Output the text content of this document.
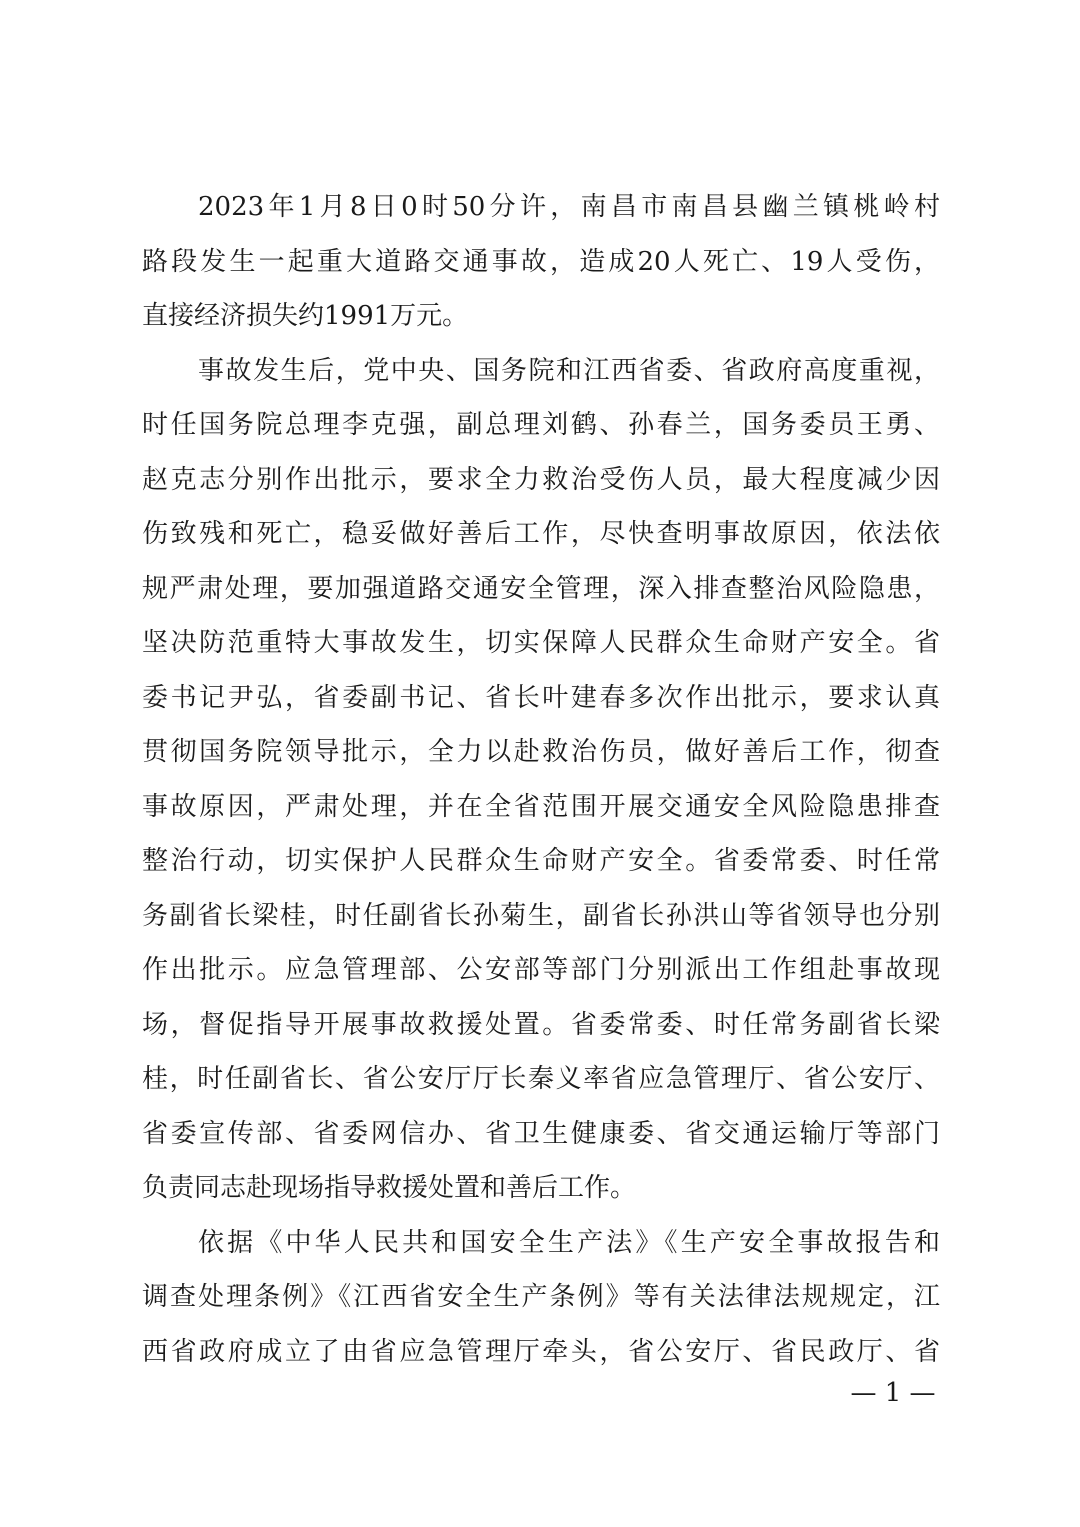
2023年1月8日0时50分许，南昌市南昌县幽兰镇桃岭村
路段发生一起重大道路交通事故，造成20人死亡、19人受伤，
直接经济损失约1991万元。
事故发生后，党中央、国务院和江西省委、省政府高度重视，
时任国务院总理李克强，副总理刘鹤、孙春兰，国务委员王勇、
赵克志分别作出批示，要求全力救治受伤人员，最大程度减少因
伤致残和死亡，稳妥做好善后工作，尽快查明事故原因，依法依
规严肃处理，要加强道路交通安全管理，深入排查整治风险隐患，
坚决防范重特大事故发生，切实保障人民群众生命财产安全。省
委书记尹弘，省委副书记、省长叶建春多次作出批示，要求认真
贯彻国务院领导批示，全力以赴救治伤员，做好善后工作，彻查
事故原因，严肃处理，并在全省范围开展交通安全风险隐患排查
整治行动，切实保护人民群众生命财产安全。省委常委、时任常
务副省长梁桂，时任副省长孙菊生，副省长孙洪山等省领导也分别
作出批示。应急管理部、公安部等部门分别派出工作组赴事故现
场，督促指导开展事故救援处置。省委常委、时任常务副省长梁
桂，时任副省长、省公安厅厅长秦义率省应急管理厅、省公安厅、
省委宣传部、省委网信办、省卫生健康委、省交通运输厅等部门
负责同志赴现场指导救援处置和善后工作。
依据《中华人民共和国安全生产法》《生产安全事故报告和
调查处理条例》《江西省安全生产条例》等有关法律法规规定，江
西省政府成立了由省应急管理厅牵头，省公安厅、省民政厅、省
— 1 —
